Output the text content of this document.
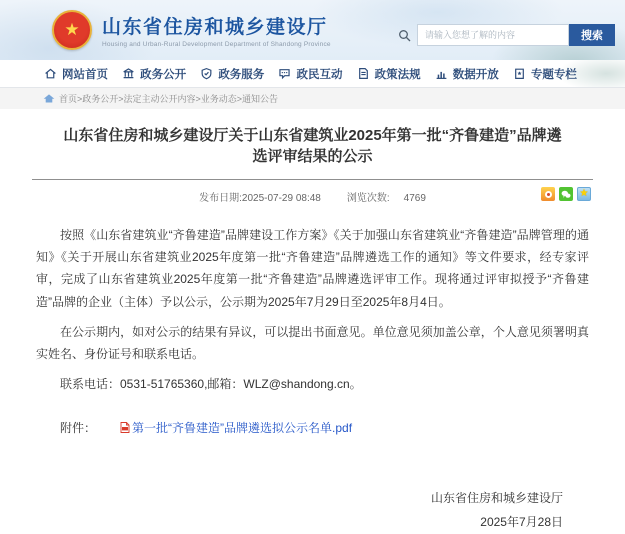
★ 山东省住房和城乡建设厅
Housing and Urban-Rural Development Department of Shandong Province
请输入您想了解的内容
搜索
网站首页	政务公开	政务服务	政民互动	政策法规	数据开放	专题专栏
首页>政务公开>法定主动公开内容>业务动态>通知公告
山东省住房和城乡建设厅关于山东省建筑业2025年第一批“齐鲁建造”品牌遴选评审结果的公示
发布日期:2025-07-29 08:48	浏览次数: 4769	★

按照《山东省建筑业“齐鲁建造”品牌建设工作方案》《关于加强山东省建筑业“齐鲁建造”品牌管理的通知》《关于开展山东省建筑业2025年度第一批“齐鲁建造”品牌遴选工作的通知》等文件要求，经专家评审，完成了山东省建筑业2025年度第一批“齐鲁建造”品牌遴选评审工作。现将通过评审拟授予“齐鲁建造”品牌的企业（主体）予以公示，公示期为2025年7月29日至2025年8月4日。

在公示期内，如对公示的结果有异议，可以提出书面意见。单位意见须加盖公章，个人意见须署明真实姓名、身份证号和联系电话。

联系电话：0531-51765360,邮箱：WLZ@shandong.cn。

附件：	第一批“齐鲁建造”品牌遴选拟公示名单.pdf
山东省住房和城乡建设厅
2025年7月28日
